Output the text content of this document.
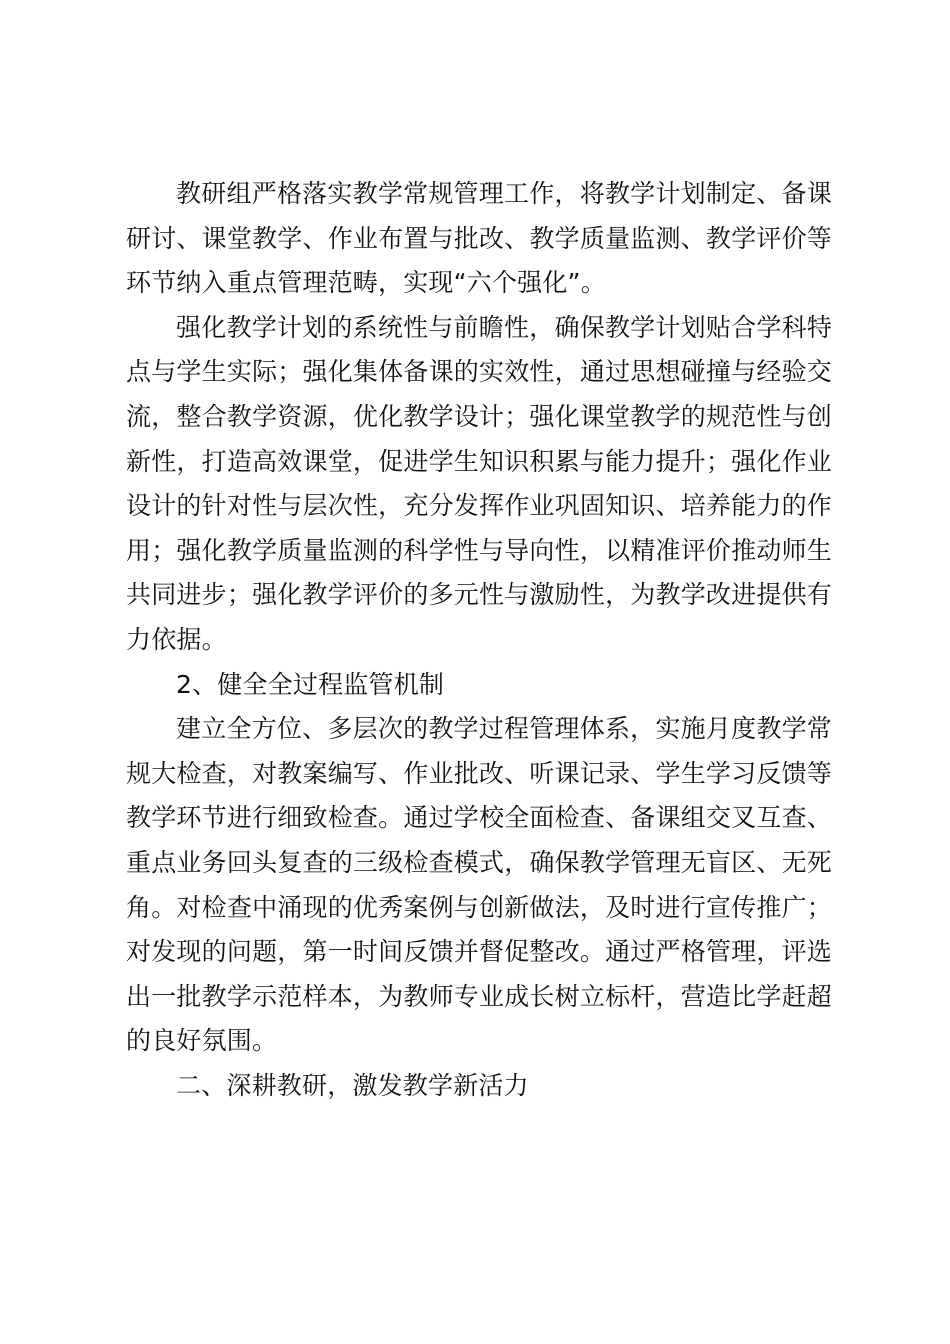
教研组严格落实教学常规管理工作，将教学计划制定、备课研讨、课堂教学、作业布置与批改、教学质量监测、教学评价等环节纳入重点管理范畴，实现“六个强化”。

强化教学计划的系统性与前瞻性，确保教学计划贴合学科特点与学生实际；强化集体备课的实效性，通过思想碰撞与经验交流，整合教学资源，优化教学设计；强化课堂教学的规范性与创新性，打造高效课堂，促进学生知识积累与能力提升；强化作业设计的针对性与层次性，充分发挥作业巩固知识、培养能力的作用；强化教学质量监测的科学性与导向性，以精准评价推动师生共同进步；强化教学评价的多元性与激励性，为教学改进提供有力依据。

2、健全全过程监管机制

建立全方位、多层次的教学过程管理体系，实施月度教学常规大检查，对教案编写、作业批改、听课记录、学生学习反馈等教学环节进行细致检查。通过学校全面检查、备课组交叉互查、重点业务回头复查的三级检查模式，确保教学管理无盲区、无死角。对检查中涌现的优秀案例与创新做法，及时进行宣传推广；对发现的问题，第一时间反馈并督促整改。通过严格管理，评选出一批教学示范样本，为教师专业成长树立标杆，营造比学赶超的良好氛围。

二、深耕教研，激发教学新活力
